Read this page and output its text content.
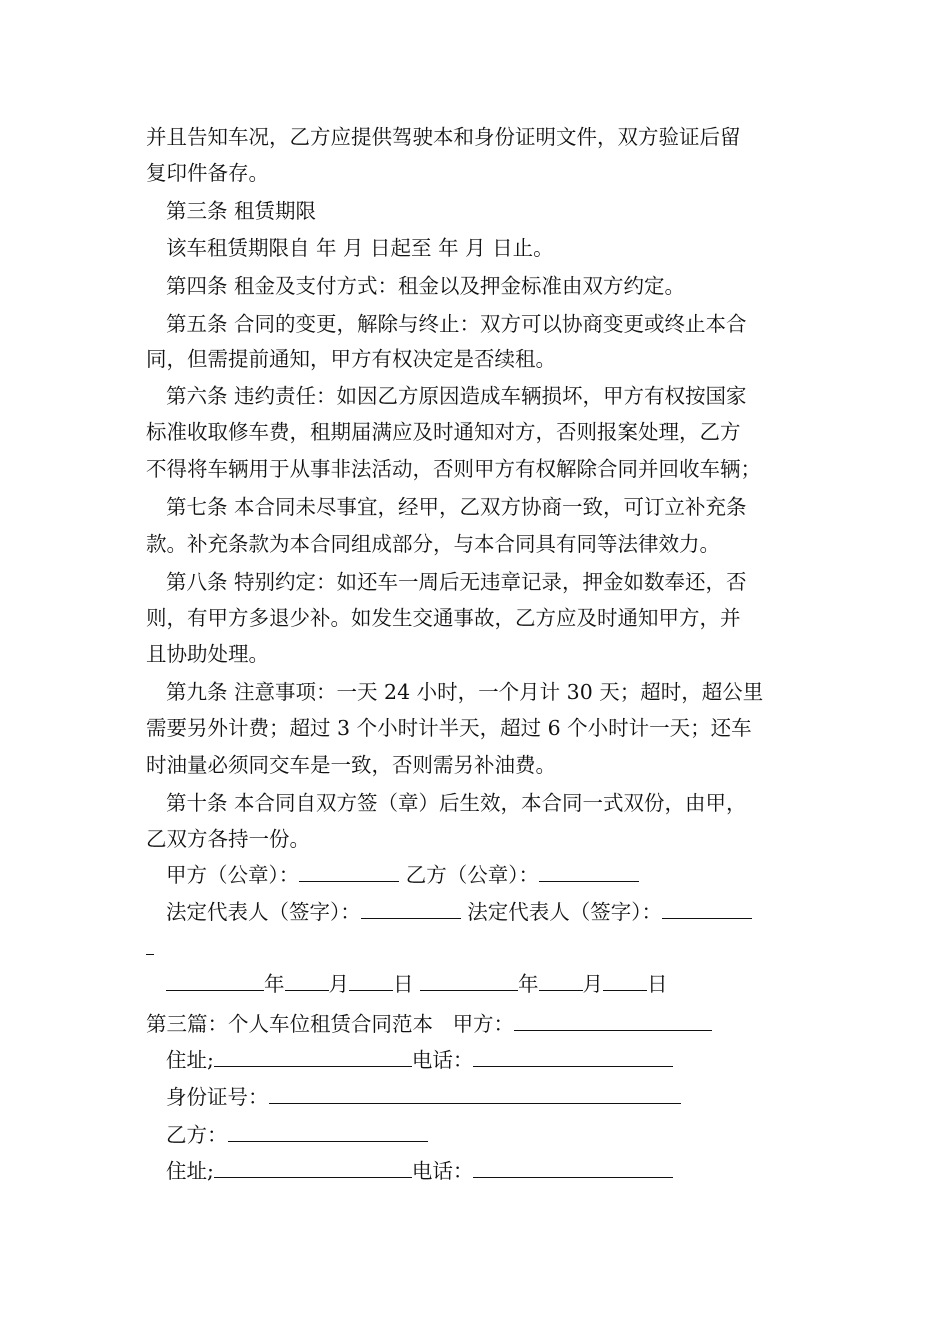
并且告知车况，乙方应提供驾驶本和身份证明文件，双方验证后留
复印件备存。
第三条 租赁期限
该车租赁期限自 年 月 日起至 年 月 日止。
第四条 租金及支付方式：租金以及押金标准由双方约定。
第五条 合同的变更，解除与终止：双方可以协商变更或终止本合
同，但需提前通知，甲方有权决定是否续租。
第六条 违约责任：如因乙方原因造成车辆损坏，甲方有权按国家
标准收取修车费，租期届满应及时通知对方，否则报案处理，乙方
不得将车辆用于从事非法活动，否则甲方有权解除合同并回收车辆；
第七条 本合同未尽事宜，经甲，乙双方协商一致，可订立补充条
款。补充条款为本合同组成部分，与本合同具有同等法律效力。
第八条 特别约定：如还车一周后无违章记录，押金如数奉还，否
则，有甲方多退少补。如发生交通事故，乙方应及时通知甲方，并
且协助处理。
第九条 注意事项：一天 24 小时，一个月计 30 天；超时，超公里
需要另外计费；超过 3 个小时计半天，超过 6 个小时计一天；还车
时油量必须同交车是一致，否则需另补油费。
第十条 本合同自双方签（章）后生效，本合同一式双份，由甲，
乙双方各持一份。
甲方（公章）：	乙方（公章）：
法定代表人（签字）：	法定代表人（签字）：
年 月 日	年 月 日
第三篇：个人车位租赁合同范本 甲方：
住址;	电话：
身份证号：
乙方：
住址;	电话：
